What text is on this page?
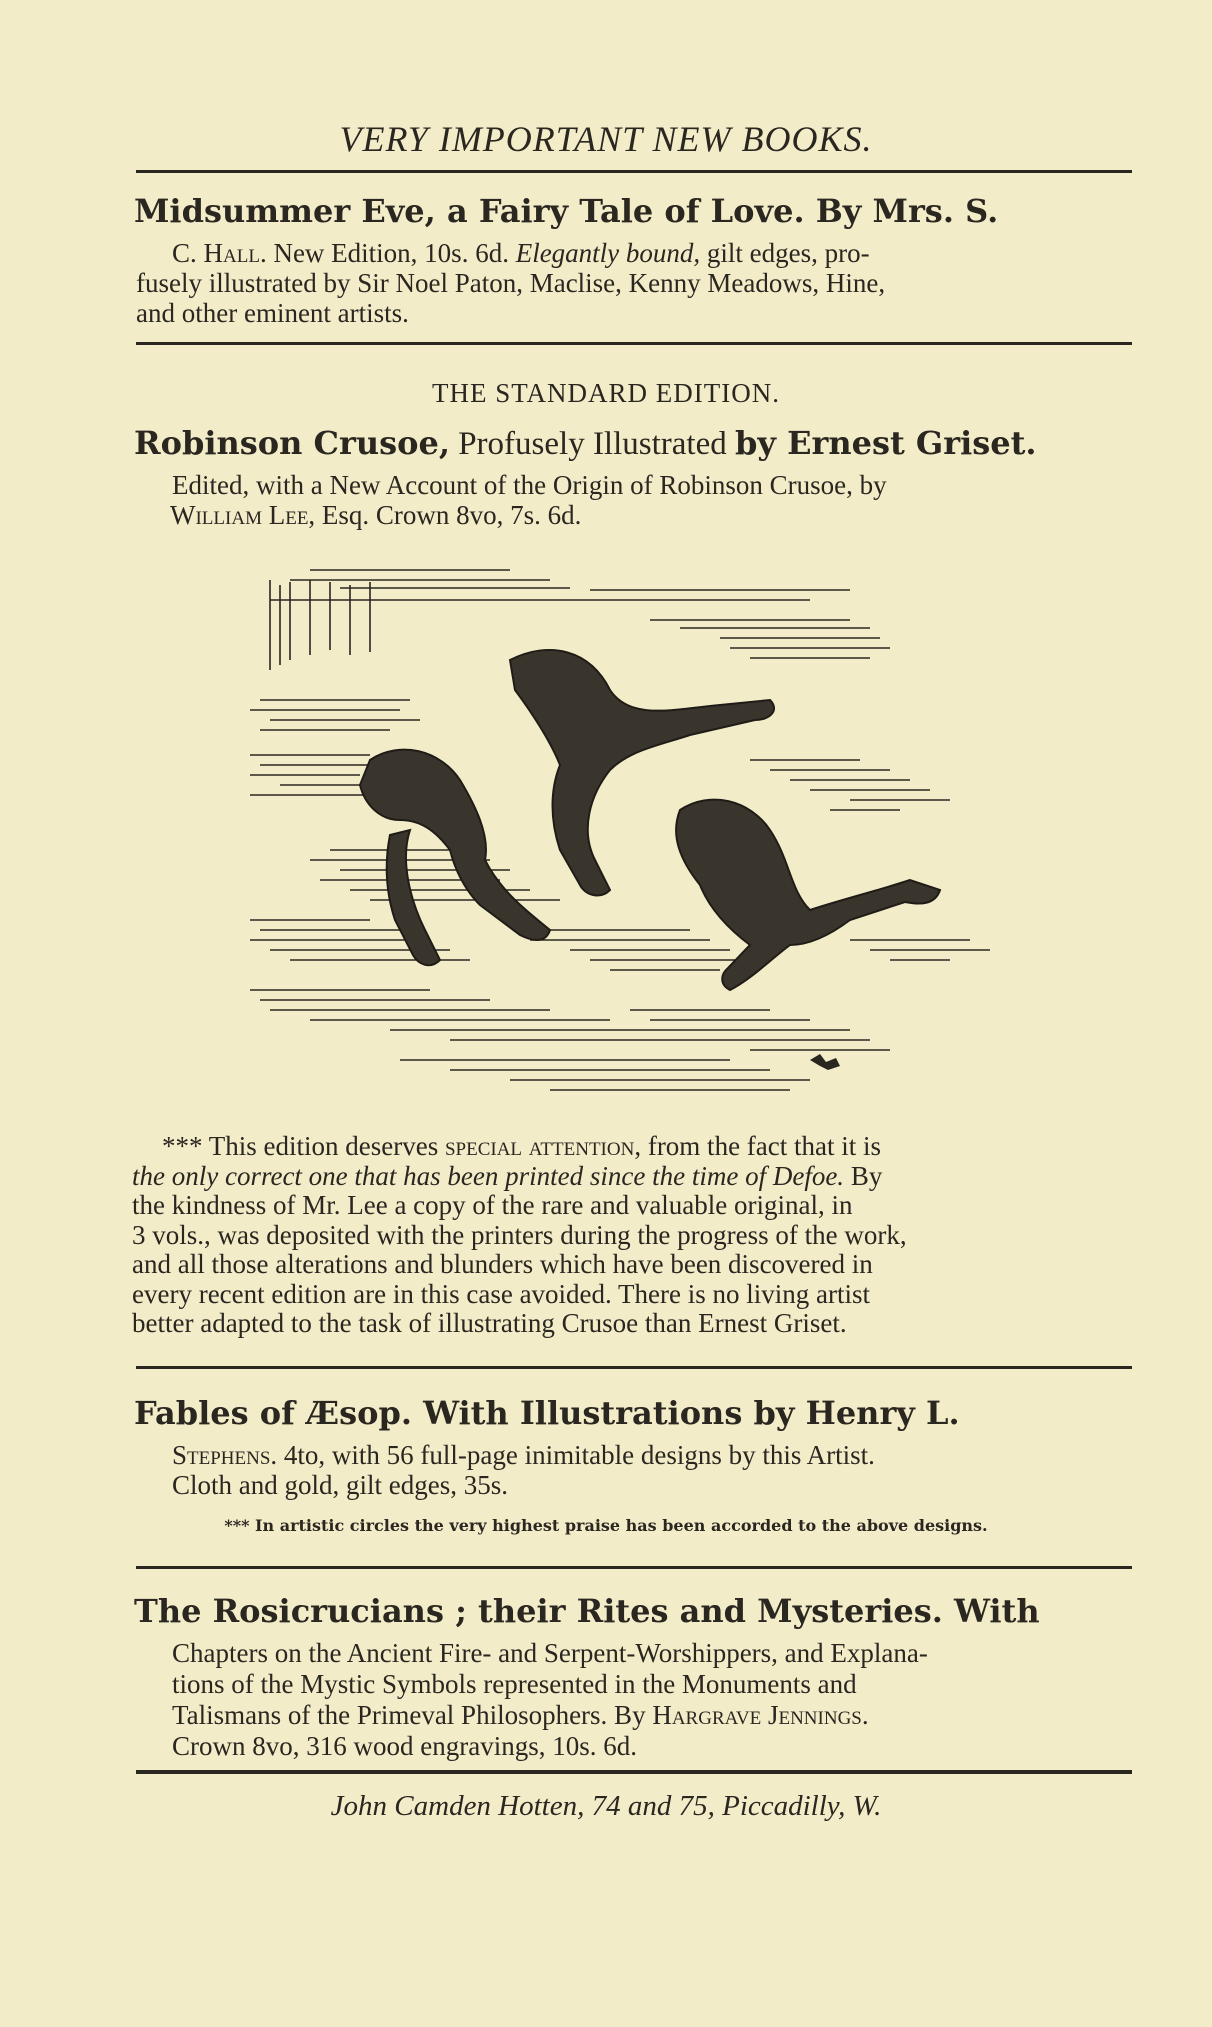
VERY IMPORTANT NEW BOOKS.
Midsummer Eve, a Fairy Tale of Love. By Mrs. S.
C. Hall. New Edition, 10s. 6d. Elegantly bound, gilt edges, pro-
fusely illustrated by Sir Noel Paton, Maclise, Kenny Meadows, Hine,
and other eminent artists.
THE STANDARD EDITION.
Robinson Crusoe, Profusely Illustrated by Ernest Griset.
Edited, with a New Account of the Origin of Robinson Crusoe, by
William Lee, Esq. Crown 8vo, 7s. 6d.
*** This edition deserves special attention, from the fact that it is
the only correct one that has been printed since the time of Defoe. By
the kindness of Mr. Lee a copy of the rare and valuable original, in
3 vols., was deposited with the printers during the progress of the work,
and all those alterations and blunders which have been discovered in
every recent edition are in this case avoided. There is no living artist
better adapted to the task of illustrating Crusoe than Ernest Griset.
Fables of Æsop. With Illustrations by Henry L.
Stephens. 4to, with 56 full-page inimitable designs by this Artist.
Cloth and gold, gilt edges, 35s.
*** In artistic circles the very highest praise has been accorded to the above designs.
The Rosicrucians ; their Rites and Mysteries. With
Chapters on the Ancient Fire- and Serpent-Worshippers, and Explana-
tions of the Mystic Symbols represented in the Monuments and
Talismans of the Primeval Philosophers. By Hargrave Jennings.
Crown 8vo, 316 wood engravings, 10s. 6d.
John Camden Hotten, 74 and 75, Piccadilly, W.
